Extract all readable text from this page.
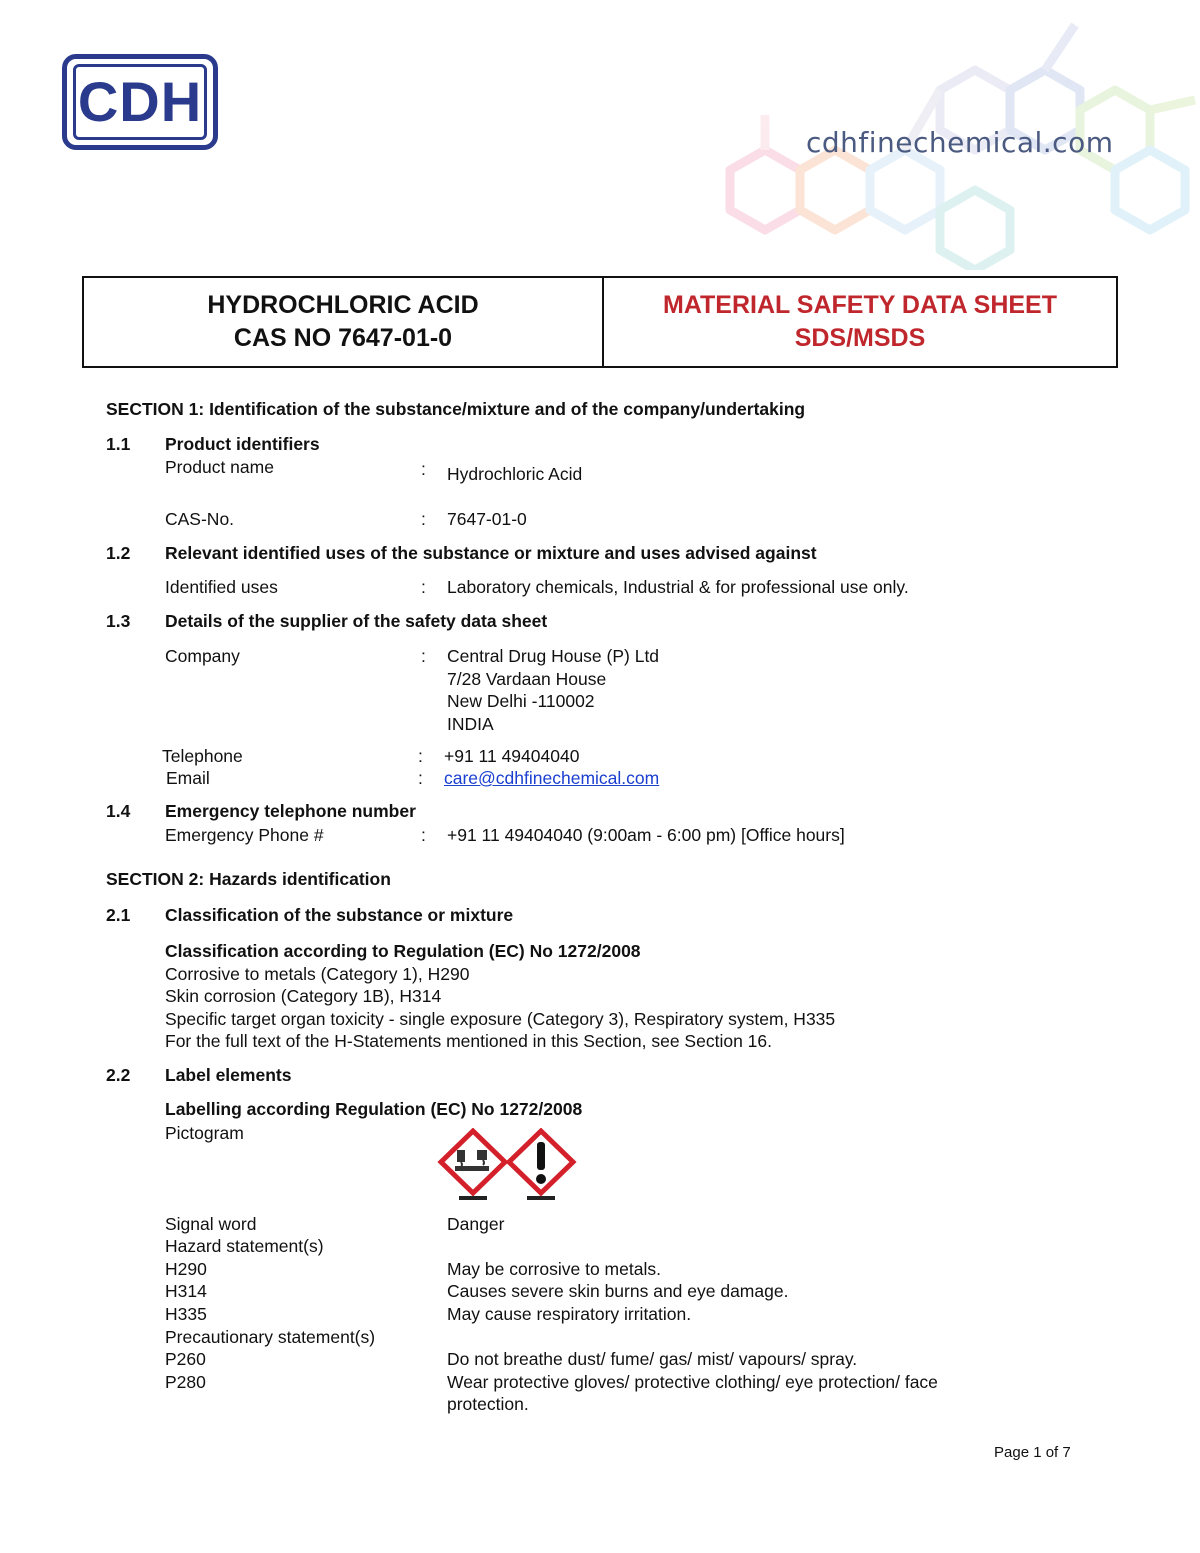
CDH
cdhfinechemical.com
HYDROCHLORIC ACID
CAS NO 7647-01-0
MATERIAL SAFETY DATA SHEET
SDS/MSDS
SECTION 1: Identification of the substance/mixture and of the company/undertaking
1.1 Product identifiers
Product name	: Hydrochloric Acid
CAS-No.	: 7647-01-0
1.2 Relevant identified uses of the substance or mixture and uses advised against
Identified uses	: Laboratory chemicals, Industrial & for professional use only.
1.3 Details of the supplier of the safety data sheet
Company	: Central Drug House (P) Ltd
7/28 Vardaan House
New Delhi -110002
INDIA
Telephone	: +91 11 49404040
Email	: care@cdhfinechemical.com
1.4 Emergency telephone number
Emergency Phone #	: +91 11 49404040 (9:00am - 6:00 pm) [Office hours]
SECTION 2: Hazards identification
2.1 Classification of the substance or mixture
Classification according to Regulation (EC) No 1272/2008
Corrosive to metals (Category 1), H290
Skin corrosion (Category 1B), H314
Specific target organ toxicity - single exposure (Category 3), Respiratory system, H335
For the full text of the H-Statements mentioned in this Section, see Section 16.
2.2 Label elements
Labelling according Regulation (EC) No 1272/2008
Pictogram
Signal word	Danger
Hazard statement(s)
H290	May be corrosive to metals.
H314	Causes severe skin burns and eye damage.
H335	May cause respiratory irritation.
Precautionary statement(s)
P260	Do not breathe dust/ fume/ gas/ mist/ vapours/ spray.
P280	Wear protective gloves/ protective clothing/ eye protection/ face
protection.
Page 1 of 7
